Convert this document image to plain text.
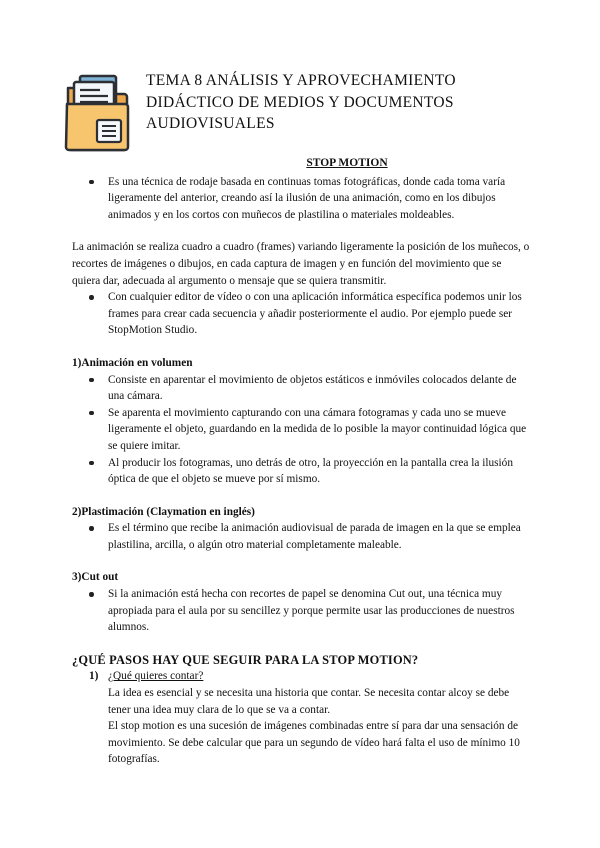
TEMA 8 ANÁLISIS Y APROVECHAMIENTO DIDÁCTICO DE MEDIOS Y DOCUMENTOS AUDIOVISUALES

STOP MOTION

Es una técnica de rodaje basada en continuas tomas fotográficas, donde cada toma varía ligeramente del anterior, creando así la ilusión de una animación, como en los dibujos animados y en los cortos con muñecos de plastilina o materiales moldeables.

La animación se realiza cuadro a cuadro (frames) variando ligeramente la posición de los muñecos, o recortes de imágenes o dibujos, en cada captura de imagen y en función del movimiento que se quiera dar, adecuada al argumento o mensaje que se quiera transmitir.

Con cualquier editor de vídeo o con una aplicación informática específica podemos unir los frames para crear cada secuencia y añadir posteriormente el audio. Por ejemplo puede ser StopMotion Studio.

1)Animación en volumen

Consiste en aparentar el movimiento de objetos estáticos e inmóviles colocados delante de una cámara.
Se aparenta el movimiento capturando con una cámara fotogramas y cada uno se mueve ligeramente el objeto, guardando en la medida de lo posible la mayor continuidad lógica que se quiere imitar.
Al producir los fotogramas, uno detrás de otro, la proyección en la pantalla crea la ilusión óptica de que el objeto se mueve por sí mismo.

2)Plastimación (Claymation en inglés)

Es el término que recibe la animación audiovisual de parada de imagen en la que se emplea plastilina, arcilla, o algún otro material completamente maleable.

3)Cut out

Si la animación está hecha con recortes de papel se denomina Cut out, una técnica muy apropiada para el aula por su sencillez y porque permite usar las producciones de nuestros alumnos.

¿QUÉ PASOS HAY QUE SEGUIR PARA LA STOP MOTION?

1) ¿Qué quieres contar?

La idea es esencial y se necesita una historia que contar. Se necesita contar alcoy se debe tener una idea muy clara de lo que se va a contar.

El stop motion es una sucesión de imágenes combinadas entre sí para dar una sensación de movimiento. Se debe calcular que para un segundo de vídeo hará falta el uso de mínimo 10 fotografías.
